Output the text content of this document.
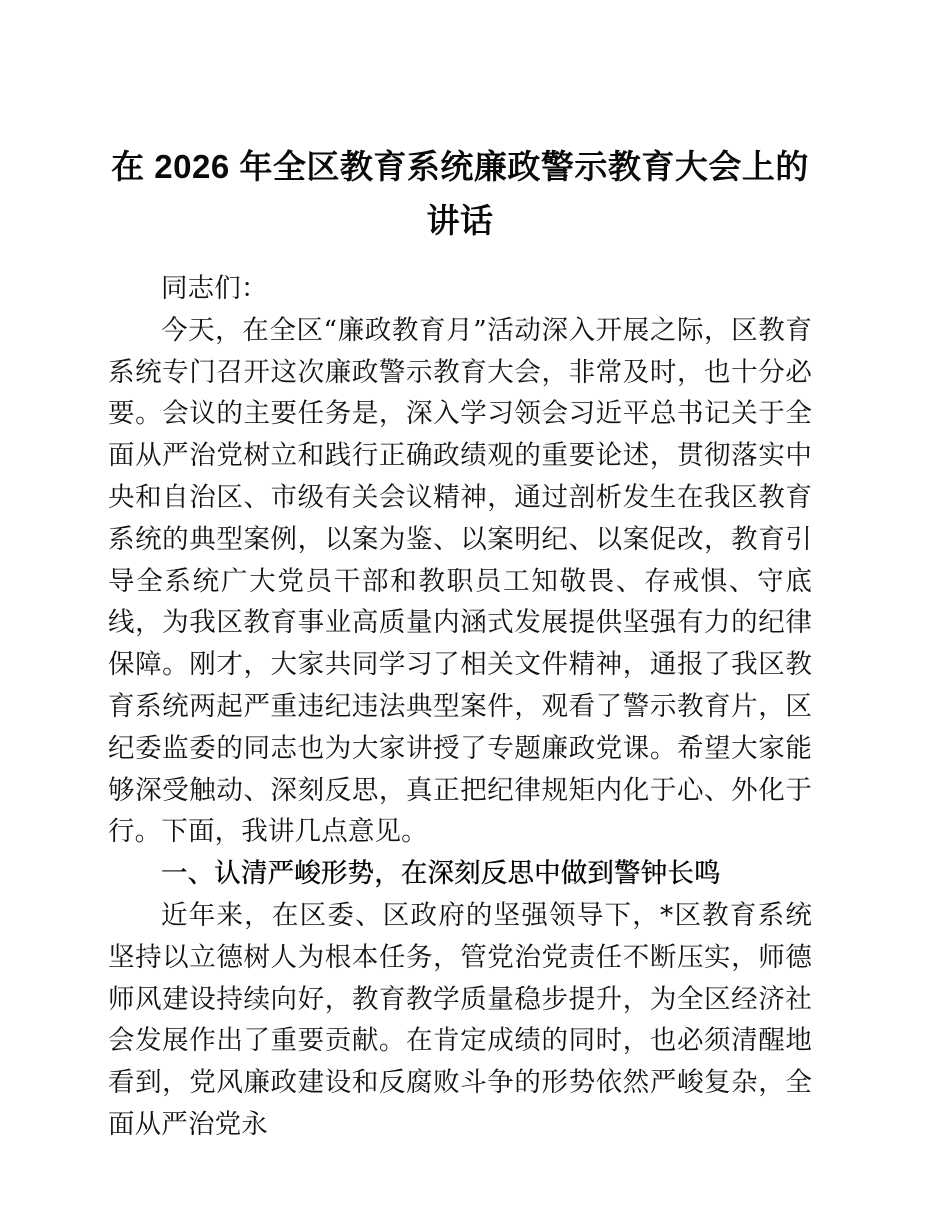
在 2026 年全区教育系统廉政警示教育大会上的
讲话

同志们：

今天，在全区“廉政教育月”活动深入开展之际，区教育系统专门召开这次廉政警示教育大会，非常及时，也十分必要。会议的主要任务是，深入学习领会习近平总书记关于全面从严治党树立和践行正确政绩观的重要论述，贯彻落实中央和自治区、市级有关会议精神，通过剖析发生在我区教育系统的典型案例，以案为鉴、以案明纪、以案促改，教育引导全系统广大党员干部和教职员工知敬畏、存戒惧、守底线，为我区教育事业高质量内涵式发展提供坚强有力的纪律保障。刚才，大家共同学习了相关文件精神，通报了我区教育系统两起严重违纪违法典型案件，观看了警示教育片，区纪委监委的同志也为大家讲授了专题廉政党课。希望大家能够深受触动、深刻反思，真正把纪律规矩内化于心、外化于行。下面，我讲几点意见。

一、认清严峻形势，在深刻反思中做到警钟长鸣

近年来，在区委、区政府的坚强领导下，*区教育系统坚持以立德树人为根本任务，管党治党责任不断压实，师德师风建设持续向好，教育教学质量稳步提升，为全区经济社会发展作出了重要贡献。在肯定成绩的同时，也必须清醒地看到，党风廉政建设和反腐败斗争的形势依然严峻复杂，全面从严治党永
